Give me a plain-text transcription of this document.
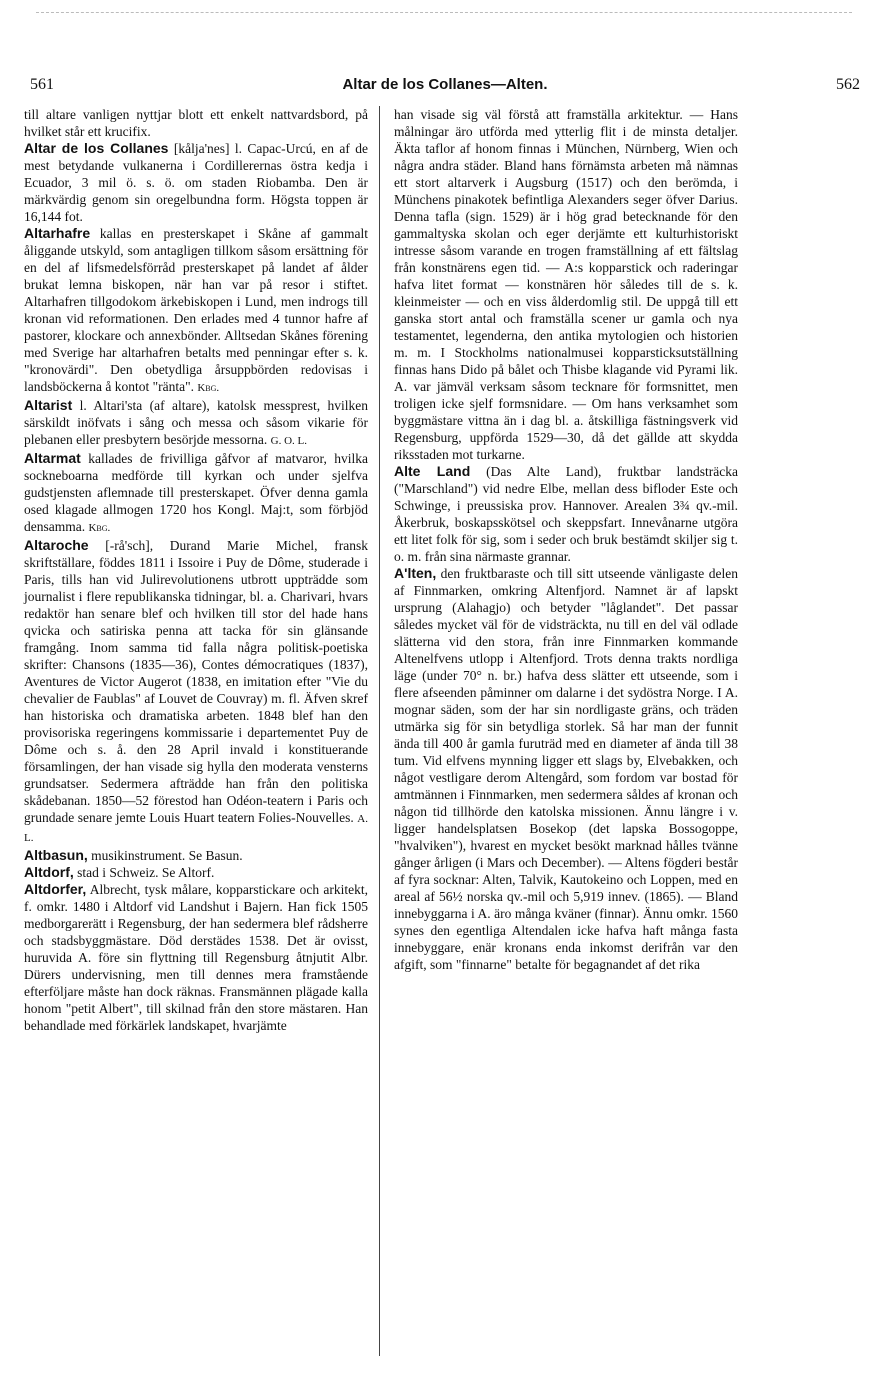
561	Altar de los Collanes—Alten.	562

till altare vanligen nyttjar blott ett enkelt nattvardsbord, på hvilket står ett krucifix.

Altar de los Collanes [kålja'nes] l. Capac-Urcú, en af de mest betydande vulkanerna i Cordillerernas östra kedja i Ecuador, 3 mil ö. s. ö. om staden Riobamba. Den är märkvärdig genom sin oregelbundna form. Högsta toppen är 16,144 fot.

Altarhafre kallas en presterskapet i Skåne af gammalt åliggande utskyld, som antagligen tillkom såsom ersättning för en del af lifsmedelsförråd presterskapet på landet af ålder brukat lemna biskopen, när han var på resor i stiftet. Altarhafren tillgodokom ärkebiskopen i Lund, men indrogs till kronan vid reformationen. Den erlades med 4 tunnor hafre af pastorer, klockare och annexbönder. Alltsedan Skånes förening med Sverige har altarhafren betalts med penningar efter s. k. "kronovärdi". Den obetydliga årsuppbörden redovisas i landsböckerna å kontot "ränta". Kbg.

Altarist l. Altari'sta (af altare), katolsk messprest, hvilken särskildt inöfvats i sång och messa och såsom vikarie för plebanen eller presbytern besörjde messorna. G. O. L.

Altarmat kallades de frivilliga gåfvor af matvaror, hvilka sockneboarna medförde till kyrkan och under sjelfva gudstjensten aflemnade till presterskapet. Öfver denna gamla osed klagade allmogen 1720 hos Kongl. Maj:t, som förbjöd densamma. Kbg.

Altaroche [-rå'sch], Durand Marie Michel, fransk skriftställare, föddes 1811 i Issoire i Puy de Dôme, studerade i Paris, tills han vid Julirevolutionens utbrott uppträdde som journalist i flere republikanska tidningar, bl. a. Charivari, hvars redaktör han senare blef och hvilken till stor del hade hans qvicka och satiriska penna att tacka för sin glänsande framgång. Inom samma tid falla några politisk-poetiska skrifter: Chansons (1835—36), Contes démocratiques (1837), Aventures de Victor Augerot (1838, en imitation efter "Vie du chevalier de Faublas" af Louvet de Couvray) m. fl. Äfven skref han historiska och dramatiska arbeten. 1848 blef han den provisoriska regeringens kommissarie i departementet Puy de Dôme och s. å. den 28 April invald i konstituerande församlingen, der han visade sig hylla den moderata vensterns grundsatser. Sedermera afträdde han från den politiska skådebanan. 1850—52 förestod han Odéon-teatern i Paris och grundade senare jemte Louis Huart teatern Folies-Nouvelles. A. L.

Altbasun, musikinstrument. Se Basun.

Altdorf, stad i Schweiz. Se Altorf.

Altdorfer, Albrecht, tysk målare, kopparstickare och arkitekt, f. omkr. 1480 i Altdorf vid Landshut i Bajern. Han fick 1505 medborgarerätt i Regensburg, der han sedermera blef rådsherre och stadsbyggmästare. Död derstädes 1538. Det är ovisst, huruvida A. före sin flyttning till Regensburg åtnjutit Albr. Dürers undervisning, men till dennes mera framstående efterföljare måste han dock räknas. Fransmännen plägade kalla honom "petit Albert", till skilnad från den store mästaren. Han behandlade med förkärlek landskapet, hvarjämte

han visade sig väl förstå att framställa arkitektur. — Hans målningar äro utförda med ytterlig flit i de minsta detaljer. Äkta taflor af honom finnas i München, Nürnberg, Wien och några andra städer. Bland hans förnämsta arbeten må nämnas ett stort altarverk i Augsburg (1517) och den berömda, i Münchens pinakotek befintliga Alexanders seger öfver Darius. Denna tafla (sign. 1529) är i hög grad betecknande för den gammaltyska skolan och eger derjämte ett kulturhistoriskt intresse såsom varande en trogen framställning af ett fältslag från konstnärens egen tid. — A:s kopparstick och raderingar hafva litet format — konstnären hör således till de s. k. kleinmeister — och en viss ålderdomlig stil. De uppgå till ett ganska stort antal och framställa scener ur gamla och nya testamentet, legenderna, den antika mytologien och historien m. m. I Stockholms nationalmusei kopparsticksutställning finnas hans Dido på bålet och Thisbe klagande vid Pyrami lik. A. var jämväl verksam såsom tecknare för formsnittet, men troligen icke sjelf formsnidare. — Om hans verksamhet som byggmästare vittna än i dag bl. a. åtskilliga fästningsverk vid Regensburg, uppförda 1529—30, då det gällde att skydda riksstaden mot turkarne.

Alte Land (Das Alte Land), fruktbar landsträcka ("Marschland") vid nedre Elbe, mellan dess bifloder Este och Schwinge, i preussiska prov. Hannover. Arealen 3¾ qv.-mil. Åkerbruk, boskapsskötsel och skeppsfart. Innevånarne utgöra ett litet folk för sig, som i seder och bruk bestämdt skiljer sig t. o. m. från sina närmaste grannar.

A'lten, den fruktbaraste och till sitt utseende vänligaste delen af Finnmarken, omkring Altenfjord. Namnet är af lapskt ursprung (Alahagjo) och betyder "låglandet". Det passar således mycket väl för de vidsträckta, nu till en del väl odlade slätterna vid den stora, från inre Finnmarken kommande Altenelfvens utlopp i Altenfjord. Trots denna trakts nordliga läge (under 70° n. br.) hafva dess slätter ett utseende, som i flere afseenden påminner om dalarne i det sydöstra Norge. I A. mognar säden, som der har sin nordligaste gräns, och träden utmärka sig för sin betydliga storlek. Så har man der funnit ända till 400 år gamla furuträd med en diameter af ända till 38 tum. Vid elfvens mynning ligger ett slags by, Elvebakken, och något vestligare derom Altengård, som fordom var bostad för amtmännen i Finnmarken, men sedermera såldes af kronan och någon tid tillhörde den katolska missionen. Ännu längre i v. ligger handelsplatsen Bosekop (det lapska Bossogoppe, "hvalviken"), hvarest en mycket besökt marknad hålles tvänne gånger årligen (i Mars och December). — Altens fögderi består af fyra socknar: Alten, Talvik, Kautokeino och Loppen, med en areal af 56½ norska qv.-mil och 5,919 innev. (1865). — Bland innebyggarna i A. äro många kväner (finnar). Ännu omkr. 1560 synes den egentliga Altendalen icke hafva haft många fasta innebyggare, enär kronans enda inkomst derifrån var den afgift, som "finnarne" betalte för begagnandet af det rika
